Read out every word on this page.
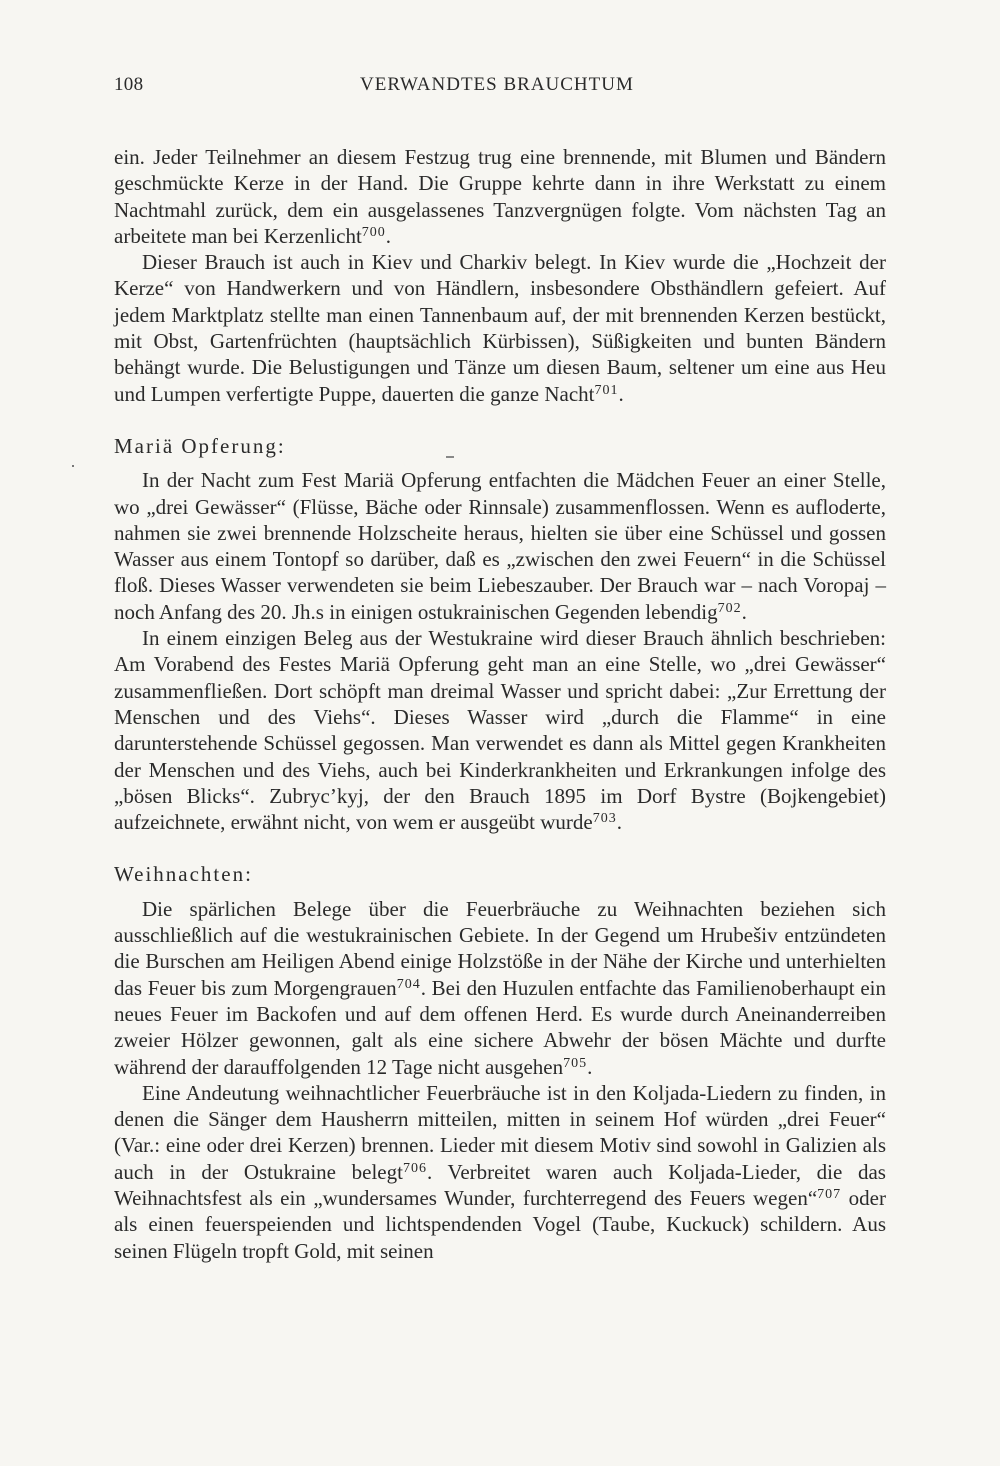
108	VERWANDTES BRAUCHTUM

ein. Jeder Teilnehmer an diesem Festzug trug eine brennende, mit Blumen und Bändern geschmückte Kerze in der Hand. Die Gruppe kehrte dann in ihre Werkstatt zu einem Nachtmahl zurück, dem ein ausgelassenes Tanzvergnügen folgte. Vom nächsten Tag an arbeitete man bei Kerzenlicht$^{700}$.

Dieser Brauch ist auch in Kiev und Charkiv belegt. In Kiev wurde die „Hochzeit der Kerze“ von Handwerkern und von Händlern, insbesondere Obsthändlern gefeiert. Auf jedem Marktplatz stellte man einen Tannenbaum auf, der mit brennenden Kerzen bestückt, mit Obst, Gartenfrüchten (hauptsächlich Kürbissen), Süßigkeiten und bunten Bändern behängt wurde. Die Belustigungen und Tänze um diesen Baum, seltener um eine aus Heu und Lumpen verfertigte Puppe, dauerten die ganze Nacht$^{701}$.

Mariä Opferung:

In der Nacht zum Fest Mariä Opferung entfachten die Mädchen Feuer an einer Stelle, wo „drei Gewässer“ (Flüsse, Bäche oder Rinnsale) zusammenflossen. Wenn es aufloderte, nahmen sie zwei brennende Holzscheite heraus, hielten sie über eine Schüssel und gossen Wasser aus einem Tontopf so darüber, daß es „zwischen den zwei Feuern“ in die Schüssel floß. Dieses Wasser verwendeten sie beim Liebeszauber. Der Brauch war – nach Voropaj – noch Anfang des 20. Jh.s in einigen ostukrainischen Gegenden lebendig$^{702}$.

In einem einzigen Beleg aus der Westukraine wird dieser Brauch ähnlich beschrieben: Am Vorabend des Festes Mariä Opferung geht man an eine Stelle, wo „drei Gewässer“ zusammenfließen. Dort schöpft man dreimal Wasser und spricht dabei: „Zur Errettung der Menschen und des Viehs“. Dieses Wasser wird „durch die Flamme“ in eine darunterstehende Schüssel gegossen. Man verwendet es dann als Mittel gegen Krankheiten der Menschen und des Viehs, auch bei Kinderkrankheiten und Erkrankungen infolge des „bösen Blicks“. Zubryc’kyj, der den Brauch 1895 im Dorf Bystre (Bojkengebiet) aufzeichnete, erwähnt nicht, von wem er ausgeübt wurde$^{703}$.

Weihnachten:

Die spärlichen Belege über die Feuerbräuche zu Weihnachten beziehen sich ausschließlich auf die westukrainischen Gebiete. In der Gegend um Hrubešiv entzündeten die Burschen am Heiligen Abend einige Holzstöße in der Nähe der Kirche und unterhielten das Feuer bis zum Morgengrauen$^{704}$. Bei den Huzulen entfachte das Familienoberhaupt ein neues Feuer im Backofen und auf dem offenen Herd. Es wurde durch Aneinanderreiben zweier Hölzer gewonnen, galt als eine sichere Abwehr der bösen Mächte und durfte während der darauffolgenden 12 Tage nicht ausgehen$^{705}$.

Eine Andeutung weihnachtlicher Feuerbräuche ist in den Koljada-Liedern zu finden, in denen die Sänger dem Hausherrn mitteilen, mitten in seinem Hof würden „drei Feuer“ (Var.: eine oder drei Kerzen) brennen. Lieder mit diesem Motiv sind sowohl in Galizien als auch in der Ostukraine belegt$^{706}$. Verbreitet waren auch Koljada-Lieder, die das Weihnachtsfest als ein „wundersames Wunder, furchterregend des Feuers wegen“$^{707}$ oder als einen feuerspeienden und lichtspendenden Vogel (Taube, Kuckuck) schildern. Aus seinen Flügeln tropft Gold, mit seinen
